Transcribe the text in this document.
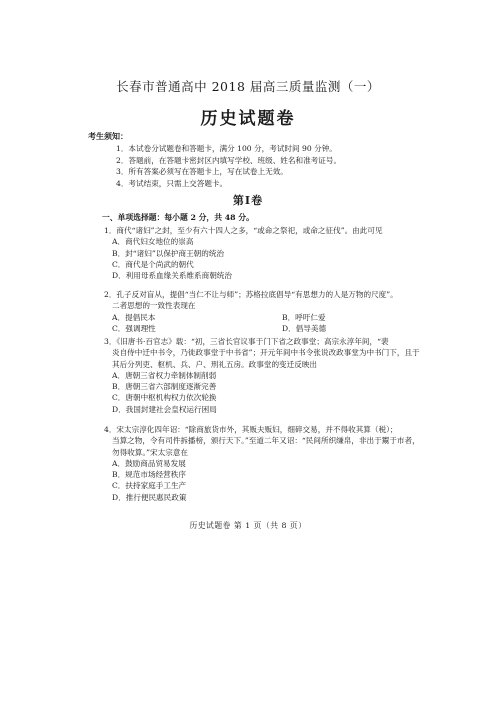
长春市普通高中 2018 届高三质量监测（一）
历史试题卷
考生须知：
1．本试卷分试题卷和答题卡，满分 100 分，考试时间 90 分钟。
2．答题前，在答题卡密封区内填写学校、班级、姓名和准考证号。
3．所有答案必须写在答题卡上，写在试卷上无效。
4．考试结束，只需上交答题卡。
第Ⅰ卷
一、单项选择题：每小题 2 分，共 48 分。
1．商代“诸妇”之封，至少有六十四人之多，“或命之祭祀，或命之征伐”。由此可见
A．商代妇女地位的崇高
B．封“诸妇”以保护商王朝的统治
C．商代是个尚武的朝代
D．利用母系血缘关系维系商朝统治
2．孔子反对盲从，提倡“当仁不让与师”；苏格拉底倡导“有思想力的人是万物的尺度”。
二者思想的一致性表现在
A．提倡民本	B．呼吁仁爱
C．强调理性	D．倡导美德
3．《旧唐书·百官志》载：“初，三省长官议事于门下省之政事堂；高宗永淳年间，“裴
炎自侍中迁中书令，乃徙政事堂于中书省”；开元年间中书令张说改政事堂为中书门下，且于其后分列吏、枢机、兵、户、刑礼五房。政事堂的变迁反映出
A．唐朝三省权力牵制体制削弱
B．唐朝三省六部制度逐渐完善
C．唐朝中枢机构权力依次轮换
D．我国封建社会皇权运行困局
4．宋太宗淳化四年诏：“除商旅货市外，其贩夫贩妇，细碎交易，并不得收其算（税）；
当算之物，令有司件拆播榜，颁行天下。”至道二年又诏：“民间所织缣帛，非出于鬻于市者，勿得收算。”宋太宗意在
A．鼓励商品贸易发展
B．规范市场经营秩序
C．扶持家庭手工生产
D．推行便民惠民政策
历史试题卷 第 1 页（共 8 页）
